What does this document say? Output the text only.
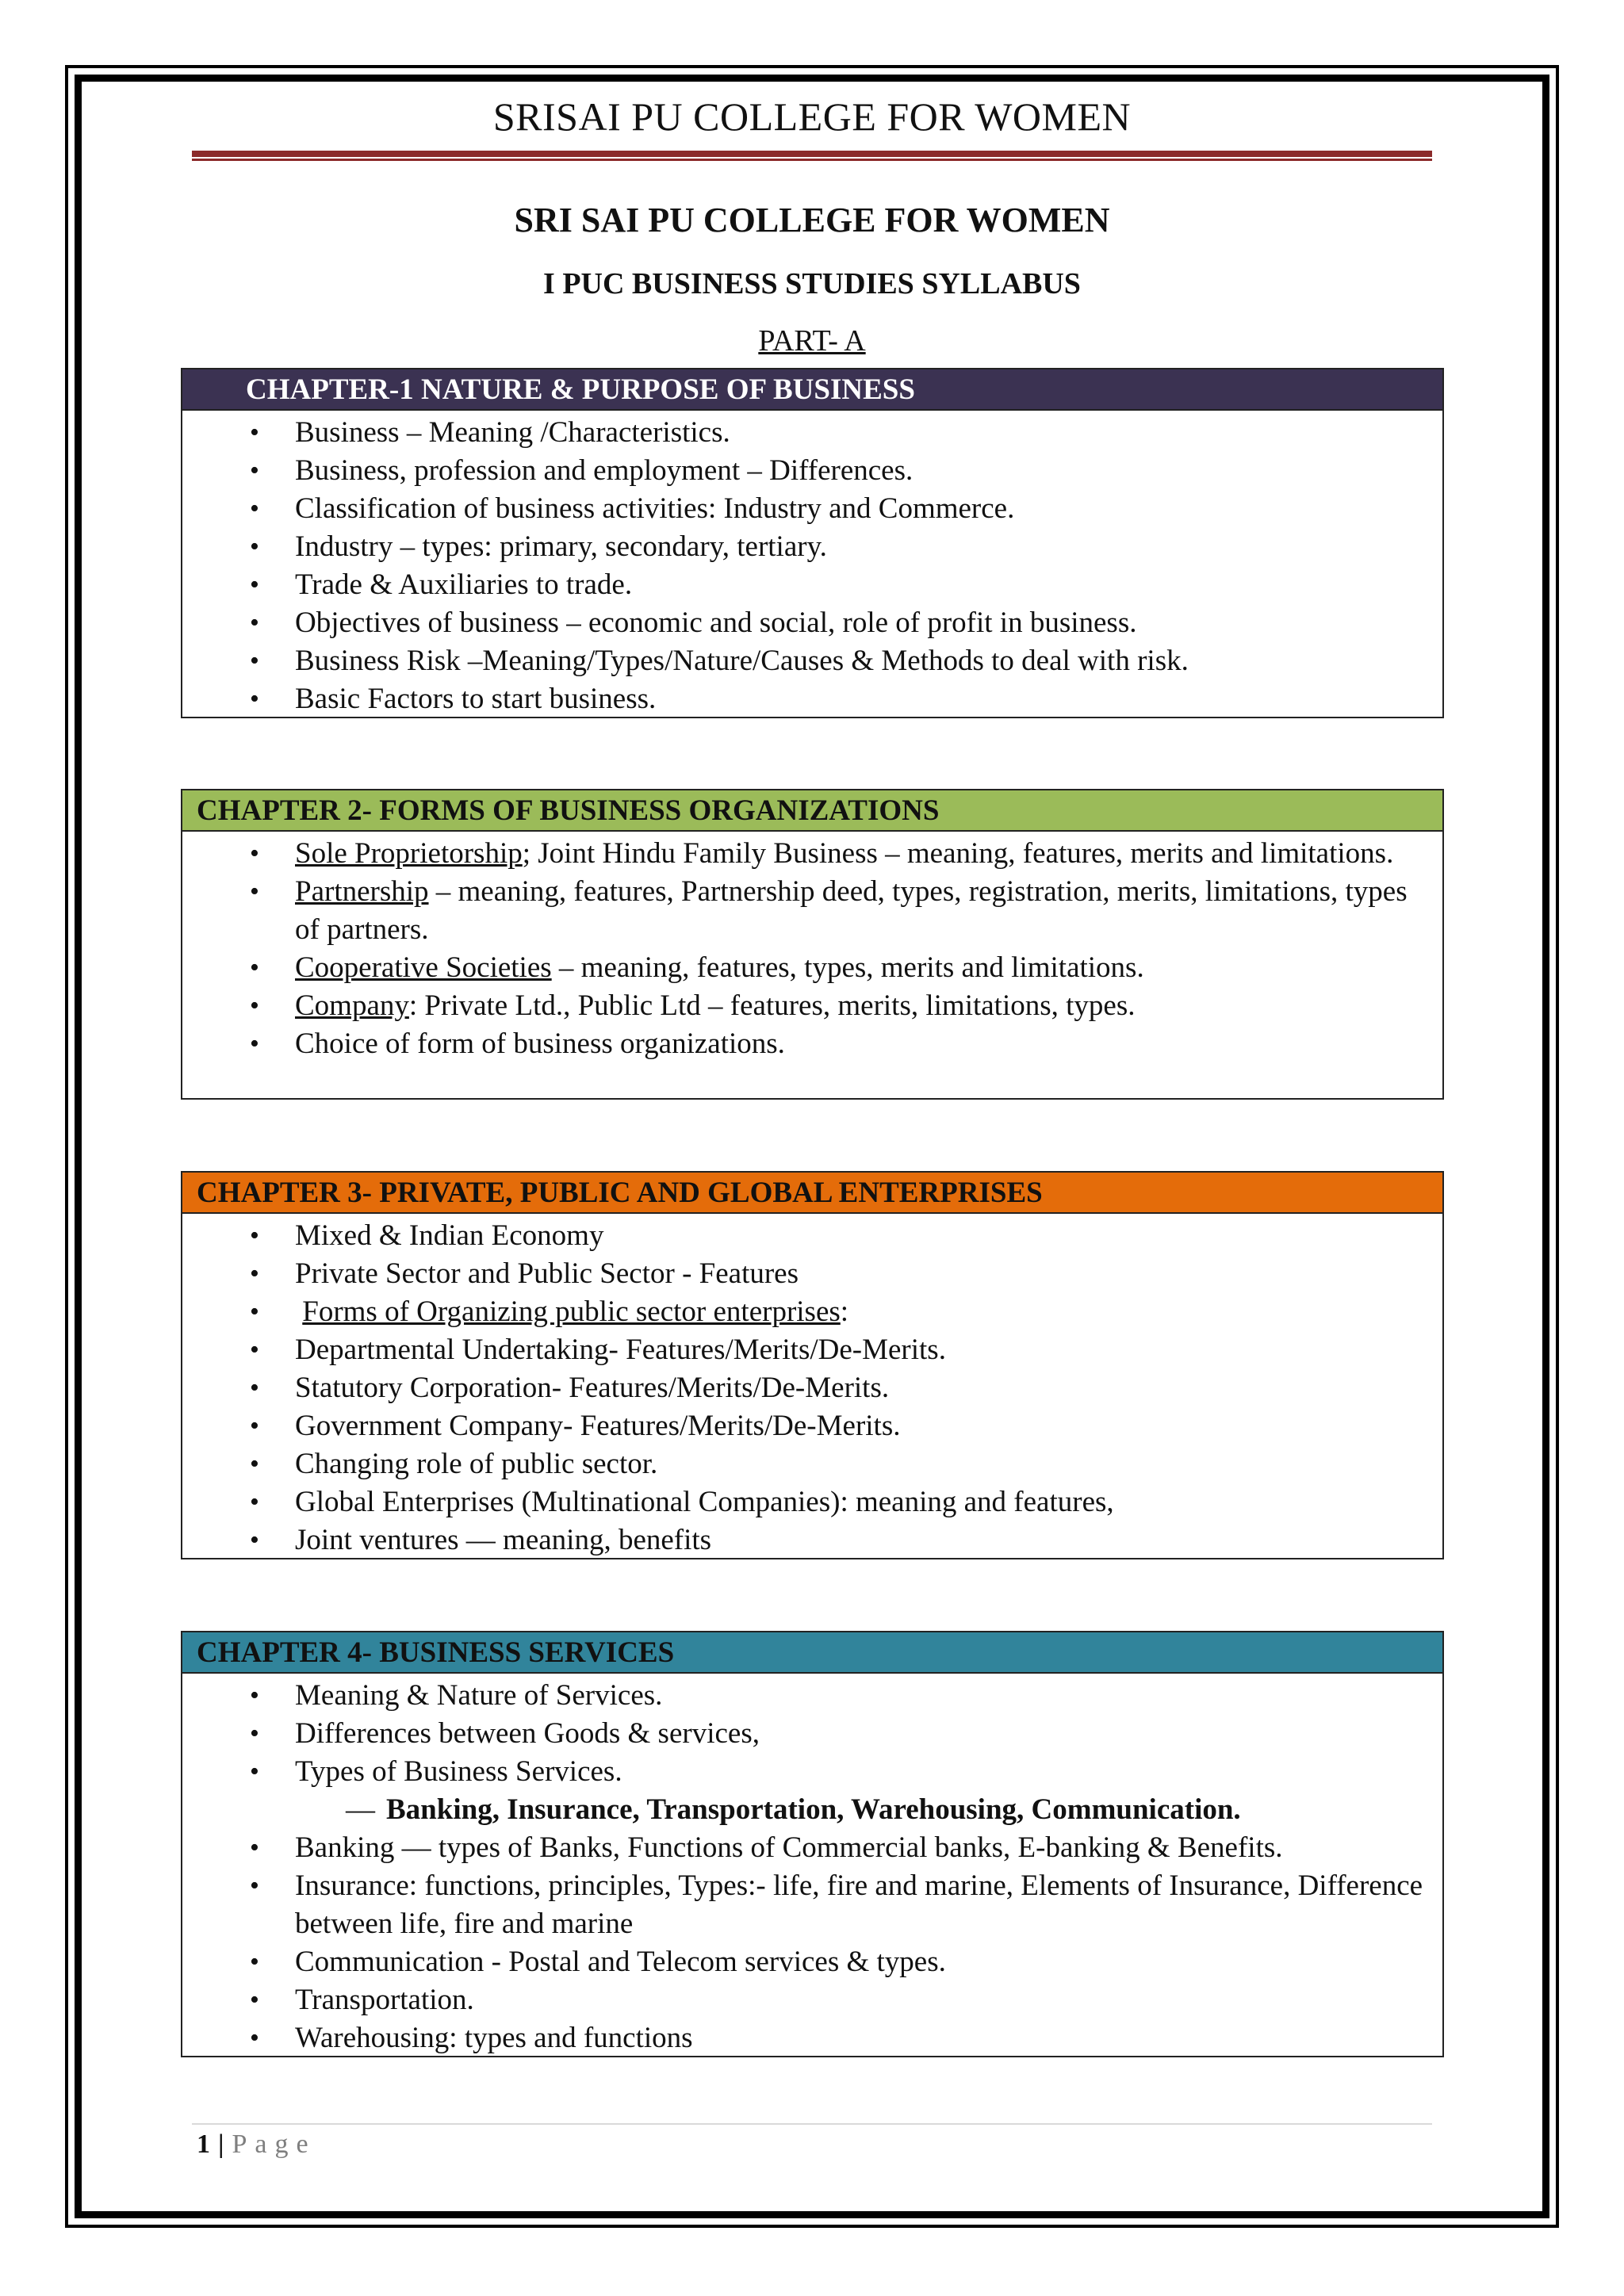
SRISAI PU COLLEGE FOR WOMEN
SRI SAI PU COLLEGE FOR WOMEN
I PUC BUSINESS STUDIES SYLLABUS
PART- A
CHAPTER-1 NATURE & PURPOSE OF BUSINESS
• Business – Meaning /Characteristics.
• Business, profession and employment – Differences.
• Classification of business activities: Industry and Commerce.
• Industry – types: primary, secondary, tertiary.
• Trade & Auxiliaries to trade.
• Objectives of business – economic and social, role of profit in business.
• Business Risk –Meaning/Types/Nature/Causes & Methods to deal with risk.
• Basic Factors to start business.
CHAPTER 2- FORMS OF BUSINESS ORGANIZATIONS
• Sole Proprietorship; Joint Hindu Family Business – meaning, features, merits and limitations.
• Partnership – meaning, features, Partnership deed, types, registration, merits, limitations, types of partners.
• Cooperative Societies – meaning, features, types, merits and limitations.
• Company: Private Ltd., Public Ltd – features, merits, limitations, types.
• Choice of form of business organizations.
CHAPTER 3- PRIVATE, PUBLIC AND GLOBAL ENTERPRISES
• Mixed & Indian Economy
• Private Sector and Public Sector - Features
• Forms of Organizing public sector enterprises:
• Departmental Undertaking- Features/Merits/De-Merits.
• Statutory Corporation- Features/Merits/De-Merits.
• Government Company- Features/Merits/De-Merits.
• Changing role of public sector.
• Global Enterprises (Multinational Companies): meaning and features,
• Joint ventures — meaning, benefits
CHAPTER 4- BUSINESS SERVICES
• Meaning & Nature of Services.
• Differences between Goods & services,
• Types of Business Services.
— Banking, Insurance, Transportation, Warehousing, Communication.
• Banking — types of Banks, Functions of Commercial banks, E-banking & Benefits.
• Insurance: functions, principles, Types:- life, fire and marine, Elements of Insurance, Difference between life, fire and marine
• Communication - Postal and Telecom services & types.
• Transportation.
• Warehousing: types and functions
1 | Page
